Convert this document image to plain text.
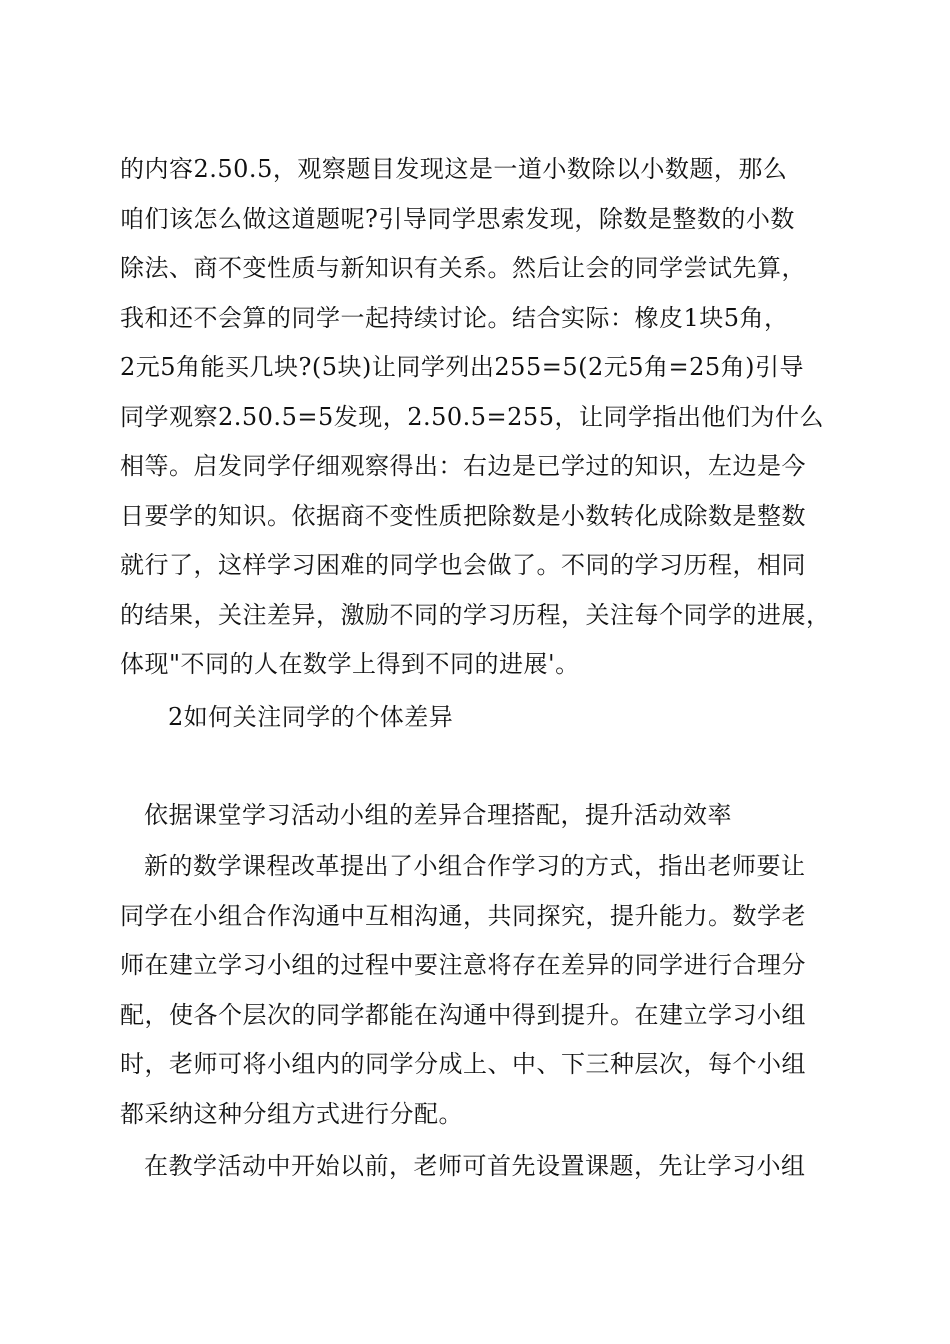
的内容2.50.5，观察题目发现这是一道小数除以小数题，那么
咱们该怎么做这道题呢?引导同学思索发现，除数是整数的小数
除法、商不变性质与新知识有关系。然后让会的同学尝试先算，
我和还不会算的同学一起持续讨论。结合实际：橡皮1块5角，
2元5角能买几块?(5块)让同学列出255=5(2元5角=25角)引导
同学观察2.50.5=5发现，2.50.5=255，让同学指出他们为什么
相等。启发同学仔细观察得出：右边是已学过的知识，左边是今
日要学的知识。依据商不变性质把除数是小数转化成除数是整数
就行了，这样学习困难的同学也会做了。不同的学习历程，相同
的结果，关注差异，激励不同的学习历程，关注每个同学的进展，
体现"不同的人在数学上得到不同的进展'。
2如何关注同学的个体差异
依据课堂学习活动小组的差异合理搭配，提升活动效率
新的数学课程改革提出了小组合作学习的方式，指出老师要让
同学在小组合作沟通中互相沟通，共同探究，提升能力。数学老
师在建立学习小组的过程中要注意将存在差异的同学进行合理分
配，使各个层次的同学都能在沟通中得到提升。在建立学习小组
时，老师可将小组内的同学分成上、中、下三种层次，每个小组
都采纳这种分组方式进行分配。
在教学活动中开始以前，老师可首先设置课题，先让学习小组
